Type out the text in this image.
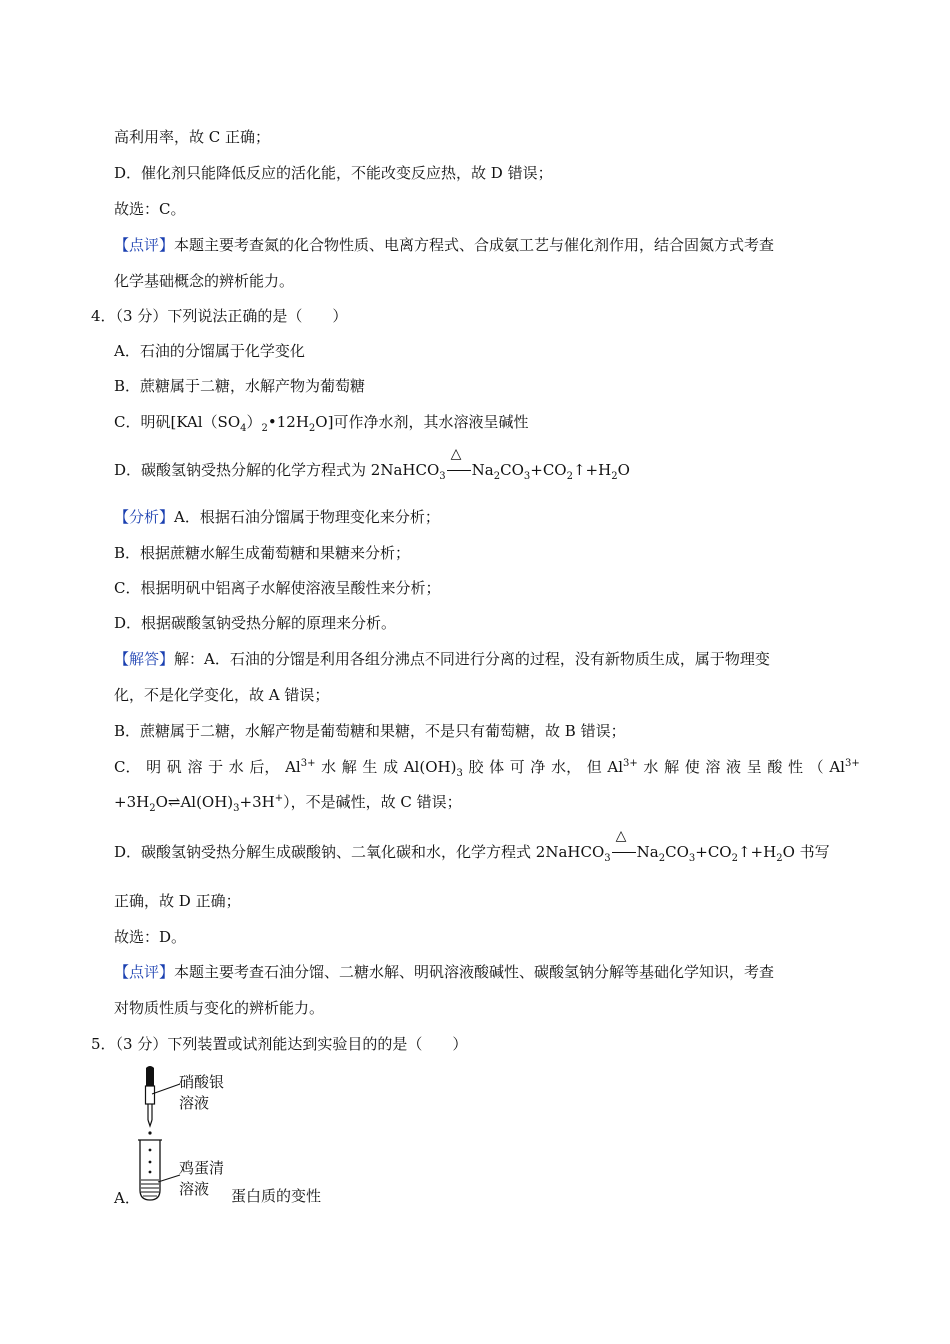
高利用率，故 C 正确；
D．催化剂只能降低反应的活化能，不能改变反应热，故 D 错误；
故选：C。
【点评】本题主要考查氮的化合物性质、电离方程式、合成氨工艺与催化剂作用，结合固氮方式考查
化学基础概念的辨析能力。
4．（3 分）下列说法正确的是（　　）
A．石油的分馏属于化学变化
B．蔗糖属于二糖，水解产物为葡萄糖
C．明矾$[KAl(SO_4)_2•12H_2O]$可作净水剂，其水溶液呈碱性
D．碳酸氢钠受热分解的化学方程式为 2NaHCO$_3$
△
$Na_2CO_3+CO_2↑+H_2O$
【分析】A．根据石油分馏属于物理变化来分析；
B．根据蔗糖水解生成葡萄糖和果糖来分析；
C．根据明矾中铝离子水解使溶液呈酸性来分析；
D．根据碳酸氢钠受热分解的原理来分析。
【解答】解：A．石油的分馏是利用各组分沸点不同进行分离的过程，没有新物质生成，属于物理变
化，不是化学变化，故 A 错误；
B．蔗糖属于二糖，水解产物是葡萄糖和果糖，不是只有葡萄糖，故 B 错误；
C． 明 矾 溶 于 水 后， $Al^{3+}$ 水 解 生 成 $Al(OH)_3$ 胶 体 可 净 水， 但 $Al^{3+}$ 水 解 使 溶 液 呈 酸 性 （ $Al^{3+}$
$+3H_2O\rightleftharpoons Al(OH)_3+3H^+$），不是碱性，故 C 错误；
D．碳酸氢钠受热分解生成碳酸钠、二氧化碳和水，化学方程式 2NaHCO$_3$
△
$Na_2CO_3+CO_2↑+H_2O$ 书写
正确，故 D 正确；
故选：D。
【点评】本题主要考查石油分馏、二糖水解、明矾溶液酸碱性、碳酸氢钠分解等基础化学知识，考查
对物质性质与变化的辨析能力。
5．（3 分）下列装置或试剂能达到实验目的的是（　　）
硝酸银
溶液
鸡蛋清
溶液
A．	蛋白质的变性
